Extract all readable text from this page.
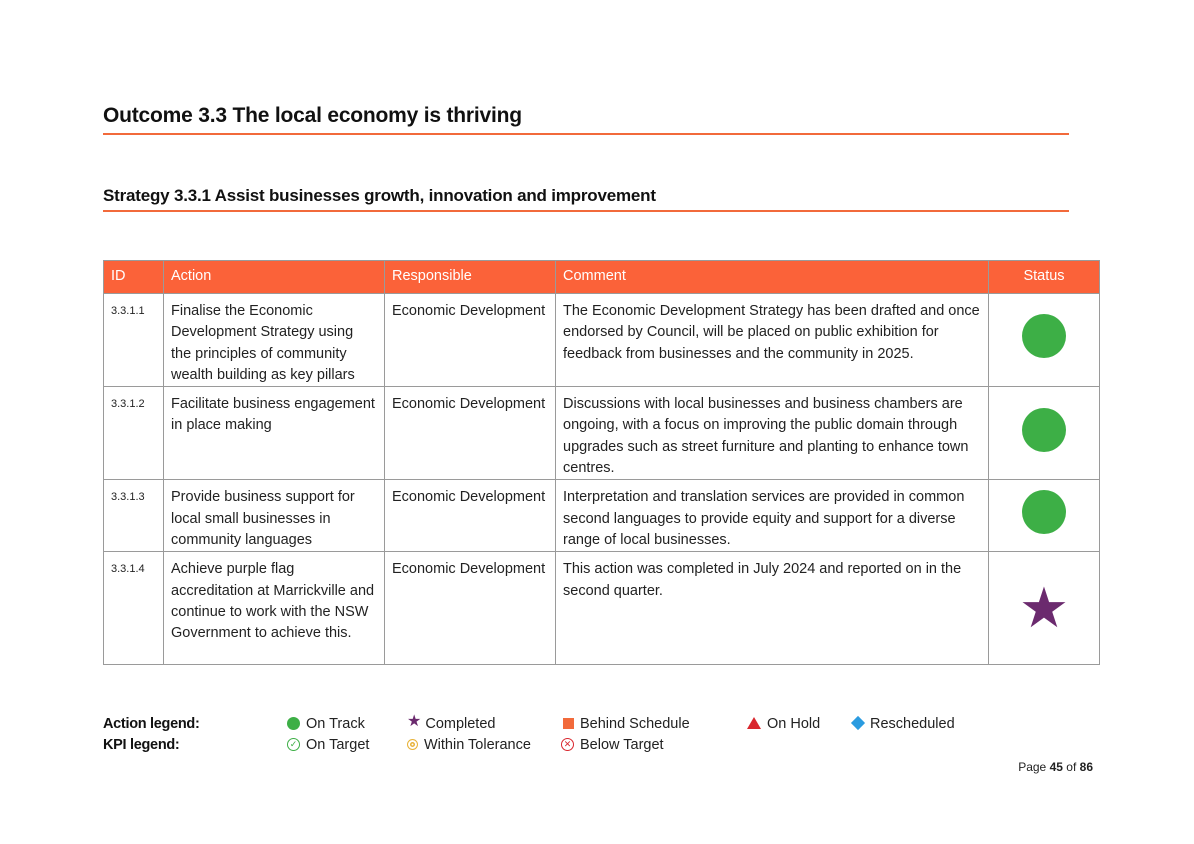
Outcome 3.3 The local economy is thriving
Strategy 3.3.1 Assist businesses growth, innovation and improvement
ID	Action	Responsible	Comment	Status
3.3.1.1	Finalise the Economic Development Strategy using the principles of community wealth building as key pillars	Economic Development	The Economic Development Strategy has been drafted and once endorsed by Council, will be placed on public exhibition for feedback from businesses and the community in 2025.	
3.3.1.2	Facilitate business engagement in place making	Economic Development	Discussions with local businesses and business chambers are ongoing, with a focus on improving the public domain through upgrades such as street furniture and planting to enhance town centres.	
3.3.1.3	Provide business support for local small businesses in community languages	Economic Development	Interpretation and translation services are provided in common second languages to provide equity and support for a diverse range of local businesses.	
3.3.1.4	Achieve purple flag accreditation at Marrickville and continue to work with the NSW Government to achieve this.	Economic Development	This action was completed in July 2024 and reported on in the second quarter.	★
Action legend:	On Track	★ Completed	Behind Schedule	On Hold	Rescheduled
KPI legend:	✓ On Target	Within Tolerance	✕ Below Target
Page 45 of 86
